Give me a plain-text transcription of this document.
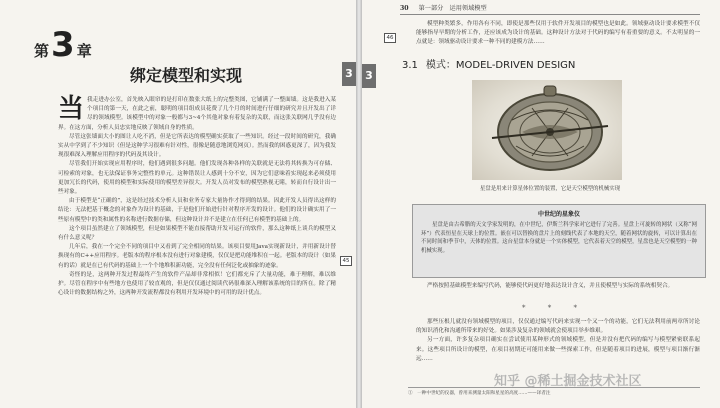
第3 章
绑定模型和实现	3

当我走进办公室，首先映入眼帘的是打印在数张大纸上的完整类图，它铺满了一整面墙。这是我进入某个项目的第一天，在此之前，聪明的项目组成员花费了几个月的时间进行仔细的研究并且开发出了详尽的领域模型。该模型中的对象一般都与3~4个其他对象有着复杂的关联，而这张关联网几乎没有边界。在这方面，分析人员忠实地反映了领域自身的性质。

尽管这张墙面大小的图让人吃不消，但是它所表达的模型确实获取了一些知识。经过一段时间的研究，我确实从中学到了不少知识（但是这种学习很难有针对性，很像是随意地浏览网页）。然而我的困惑更深了，因为我发现很难深入理解应用程序的代码及其设计。

尽管我们开始实现应用程序时，他们遇到很多问题。他们发现各种各样的关联就是无法将其转换为可存储、可检索的对象，也无法保证事务完整性的单元。这种错误让人感到十分不安，因为它们意味着实现起来必须使用更加冗长的代码，使用的模型和实际使用的模型差异很大。开发人员对发布的模型熟视无睹，转而自行设计出一些对象。

由于模型是“正确的”，这是经过技术分析人员和业务专家大量协作才得到的结果。因此开发人员得出这样的结论：无法把基于概念的对象作为设计的基础，于是他们开始进行针对程序开发的设计。他们的设计确实用了一些原有模型中的类和属性的名称进行数据存储，但这种设计并不是建立在任何已有模型的基础上的。

这个项目虽然建立了领域模型，但是如果模型不能直接帮助开发可运行的软件，那么这种纸上谈兵的模型又有什么意义呢？

几年后，我在一个完全不同的项目中又看到了完全相同的结果。该项目要用Java实现新设计，并用新设计替换现有的C++应用程序。老版本的程序根本没有进行对象建模，仅仅是把功能堆积在一起。老版本的设计（如果有的话）就是在已有代码的基础上一个个地堆积新功能，完全没有任何泛化或抽象的迹象。

奇怪的是，这两种开发过程最终产生的软件产品却非常相似！它们都充斥了大量功能，难于理解，难以维护。尽管在程序中有些地方也使用了较直观的，但是仅仅通过阅读代码很难深入理解该系统的目的所在。除了精心设计的数据结构之外，这两种开发流程都没有利用开发环境中的可用的设计优点。

45
30 第一部分　运用领域模型
46
3

模型种类繁多，作用各有不同，即使是那些仅用于软件开发项目的模型也是如此。领域驱动设计要求模型不仅能够指导早期的分析工作，还应该成为设计的基础。这种设计方法对于代码的编写有着重要的意义。不太明显的一点就是：领域驱动设计要求一种不同的建模方法……

3.1 模式：MODEL-DRIVEN DESIGN
星盘是用来计算星体位置的装置，它是天空模型的机械实现
中世纪的星象仪

星盘是由古希腊的天文学家发明的，在中世纪，伊斯兰科学家对它进行了完善。星盘上可旋转的网状（又称“网环”）代表恒星在天球上的位置。嵌在可以替换的盘片上的刻线代表了本地的天空，随着网状的旋转，可以计算出在不同时间和季节中，天体的位置。这台星盘本身就是一个实体模型，它代表着天空的模型，星盘也是天空模型的一种机械实现。

严格按照基础模型来编写代码，能够使代码更好地表达设计含义，并且使模型与实际的系统相契合。

* * *

那些压根儿就没有领域模型的项目，仅仅通过编写代码来实现一个又一个的功能，它们无法利用前两章所讨论的知识消化和沟通所带来的好处。如果涉及复杂的领域就会使项目举步维艰。

另一方面，许多复杂项目确实在尝试使用某种形式的领域模型，但是并没有把代码的编写与模型紧密联系起来。这些项目所设计的模型，在项目初期还可能用来做一些探索工作，但是随着项目的进展，模型与项目渐行渐远……

①　一种中世纪的仪器，曾用来测量太阳和星星的高度……——译者注
知乎 @稀土掘金技术社区
